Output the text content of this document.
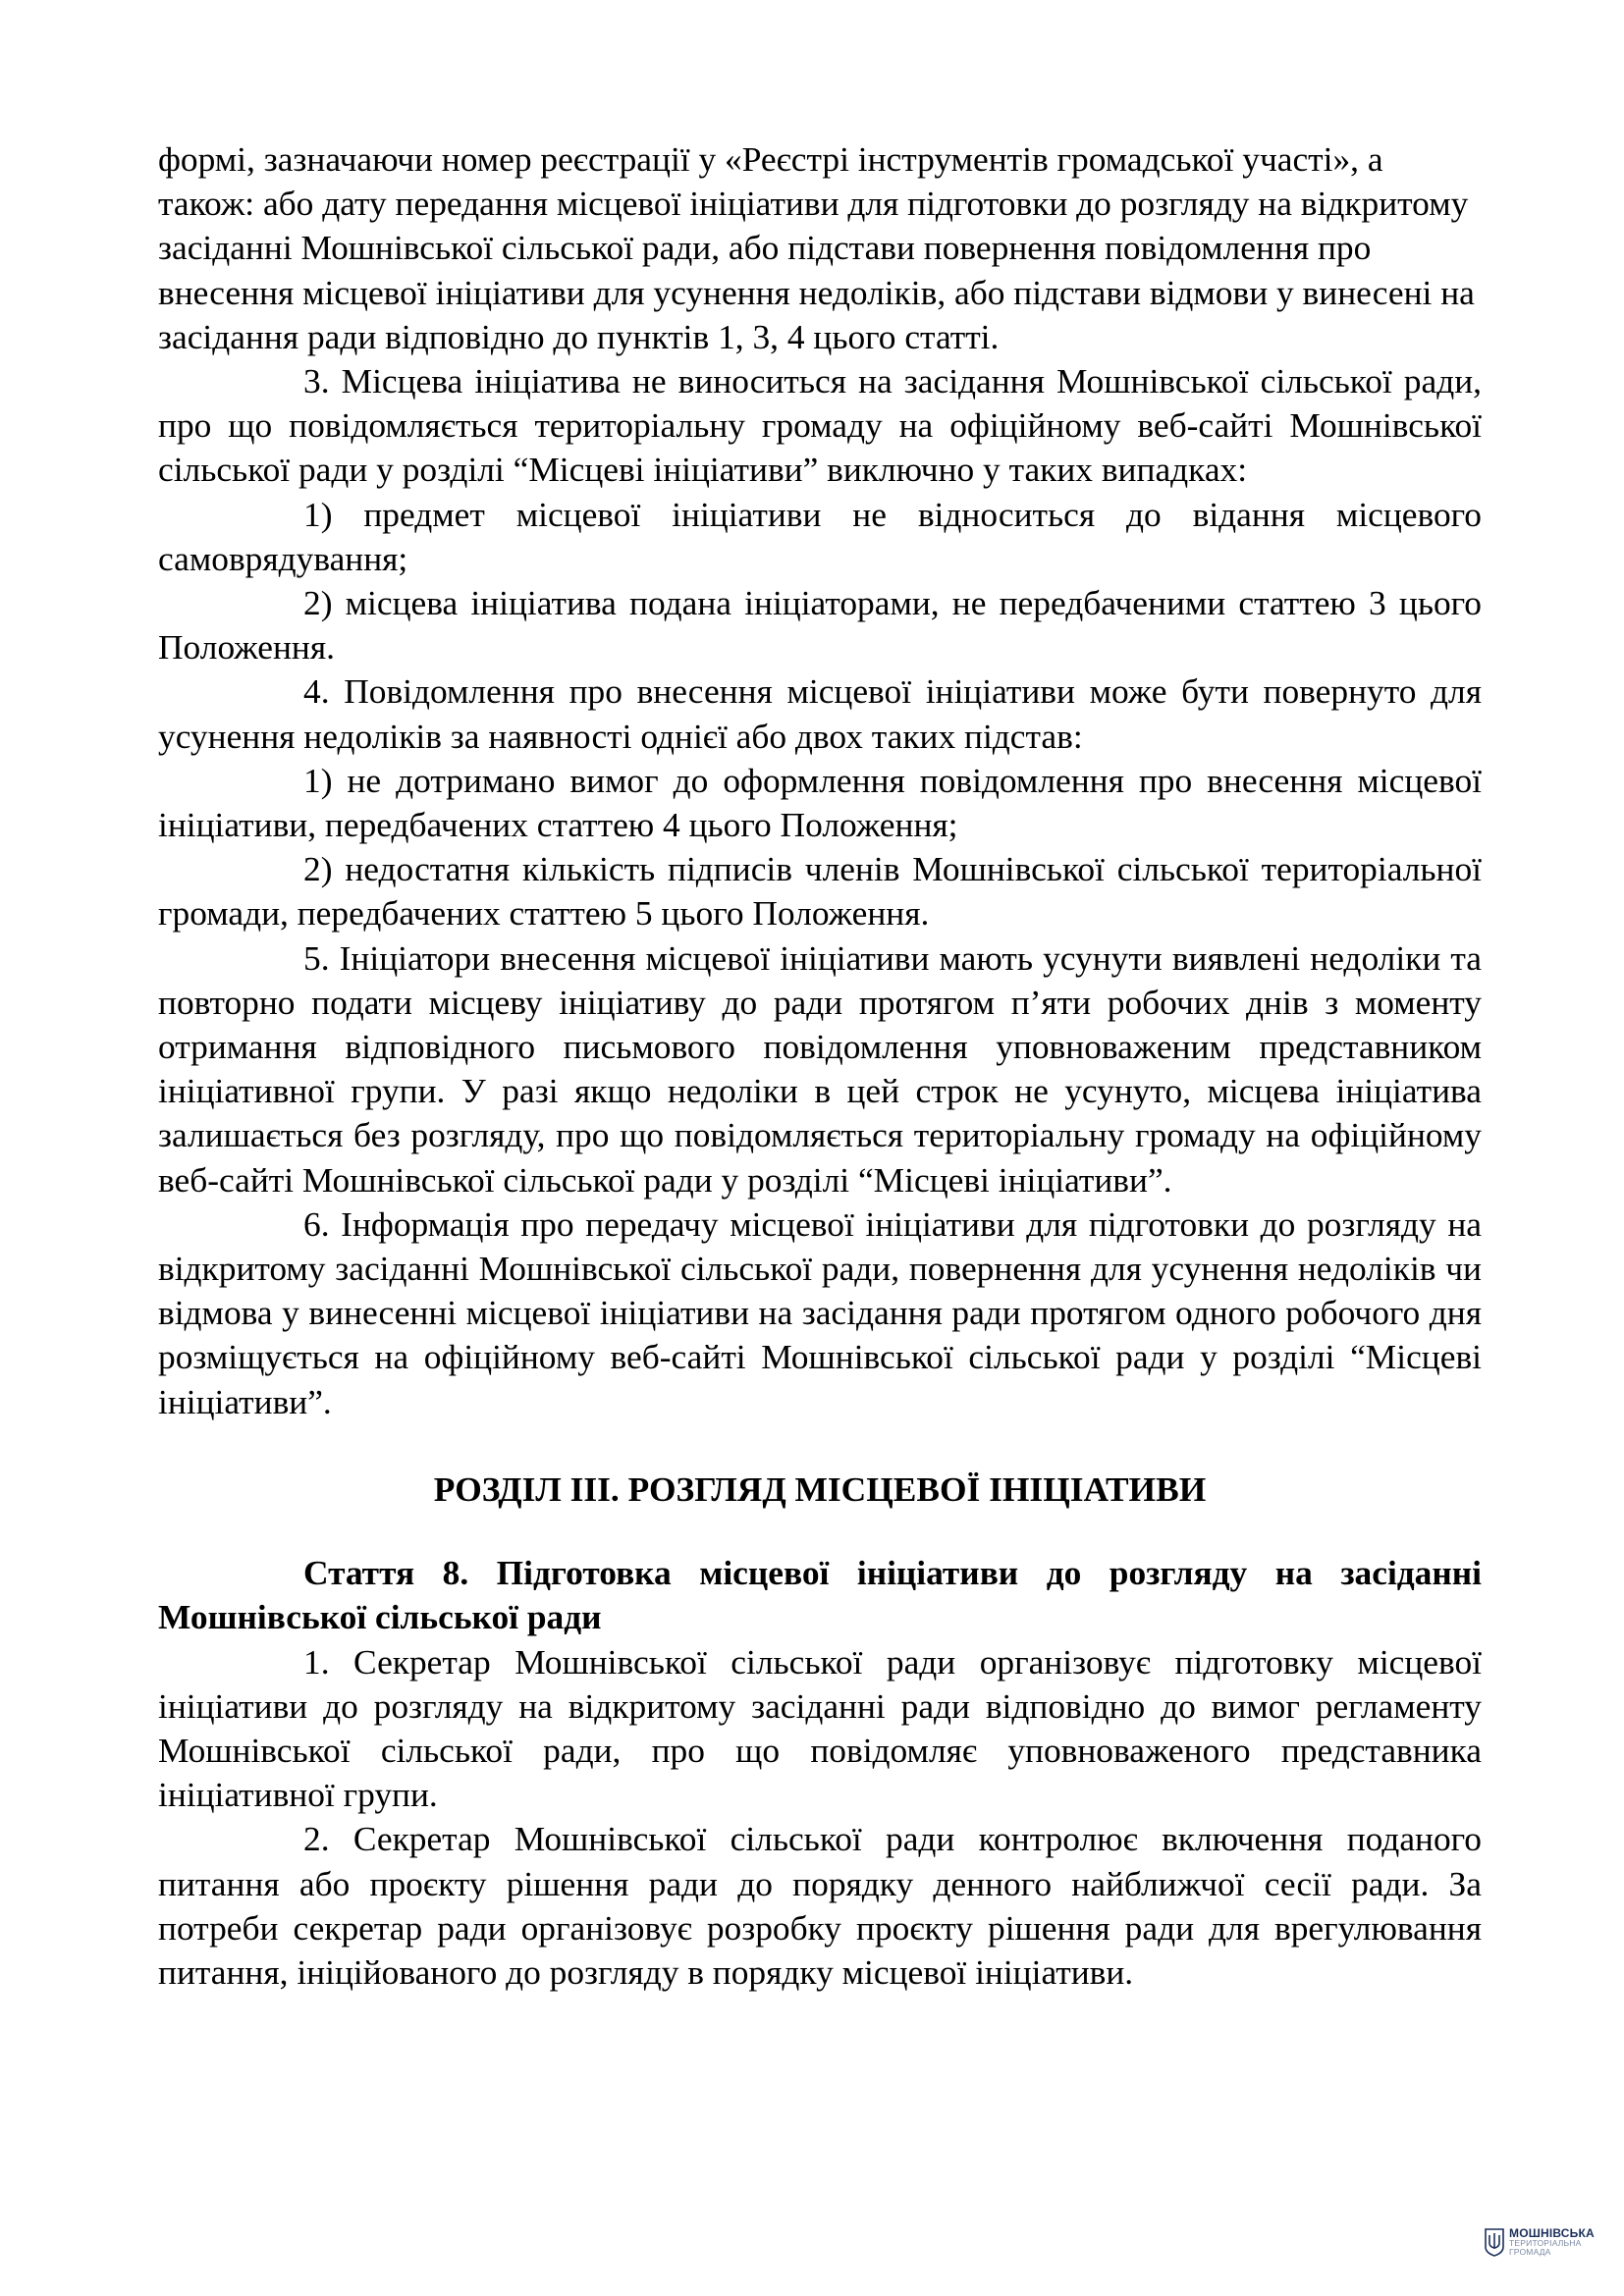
формі, зазначаючи номер реєстрації у «Реєстрі інструментів громадської участі», а також: або дату передання місцевої ініціативи для підготовки до розгляду на відкритому засіданні Мошнівської сільської ради, або підстави повернення повідомлення про внесення місцевої ініціативи для усунення недоліків, або підстави відмови у винесені на засідання ради відповідно до пунктів 1, 3, 4 цього статті.

3. Місцева ініціатива не виноситься на засідання Мошнівської сільської ради, про що повідомляється територіальну громаду на офіційному веб-сайті Мошнівської сільської ради у розділі “Місцеві ініціативи” виключно у таких випадках:

1) предмет місцевої ініціативи не відноситься до відання місцевого самоврядування;

2) місцева ініціатива подана ініціаторами, не передбаченими статтею 3 цього Положення.

4. Повідомлення про внесення місцевої ініціативи може бути повернуто для усунення недоліків за наявності однієї або двох таких підстав:

1) не дотримано вимог до оформлення повідомлення про внесення місцевої ініціативи, передбачених статтею 4 цього Положення;

2) недостатня кількість підписів членів Мошнівської сільської територіальної громади, передбачених статтею 5 цього Положення.

5. Ініціатори внесення місцевої ініціативи мають усунути виявлені недоліки та повторно подати місцеву ініціативу до ради протягом п’яти робочих днів з моменту отримання відповідного письмового повідомлення уповноваженим представником ініціативної групи. У разі якщо недоліки в цей строк не усунуто, місцева ініціатива залишається без розгляду, про що повідомляється територіальну громаду на офіційному веб-сайті Мошнівської сільської ради у розділі “Місцеві ініціативи”.

6. Інформація про передачу місцевої ініціативи для підготовки до розгляду на відкритому засіданні Мошнівської сільської ради, повернення для усунення недоліків чи відмова у винесенні місцевої ініціативи на засідання ради протягом одного робочого дня розміщується на офіційному веб-сайті Мошнівської сільської ради у розділі “Місцеві ініціативи”.

РОЗДІЛ III. РОЗГЛЯД МІСЦЕВОЇ ІНІЦІАТИВИ

Стаття 8. Підготовка місцевої ініціативи до розгляду на засіданні Мошнівської сільської ради

1. Секретар Мошнівської сільської ради організовує підготовку місцевої ініціативи до розгляду на відкритому засіданні ради відповідно до вимог регламенту Мошнівської сільської ради, про що повідомляє уповноваженого представника ініціативної групи.

2. Секретар Мошнівської сільської ради контролює включення поданого питання або проєкту рішення ради до порядку денного найближчої сесії ради. За потреби секретар ради організовує розробку проєкту рішення ради для врегулювання питання, ініційованого до розгляду в порядку місцевої ініціативи.

МОШНІВСЬКА
ТЕРИТОРІАЛЬНА
ГРОМАДА
